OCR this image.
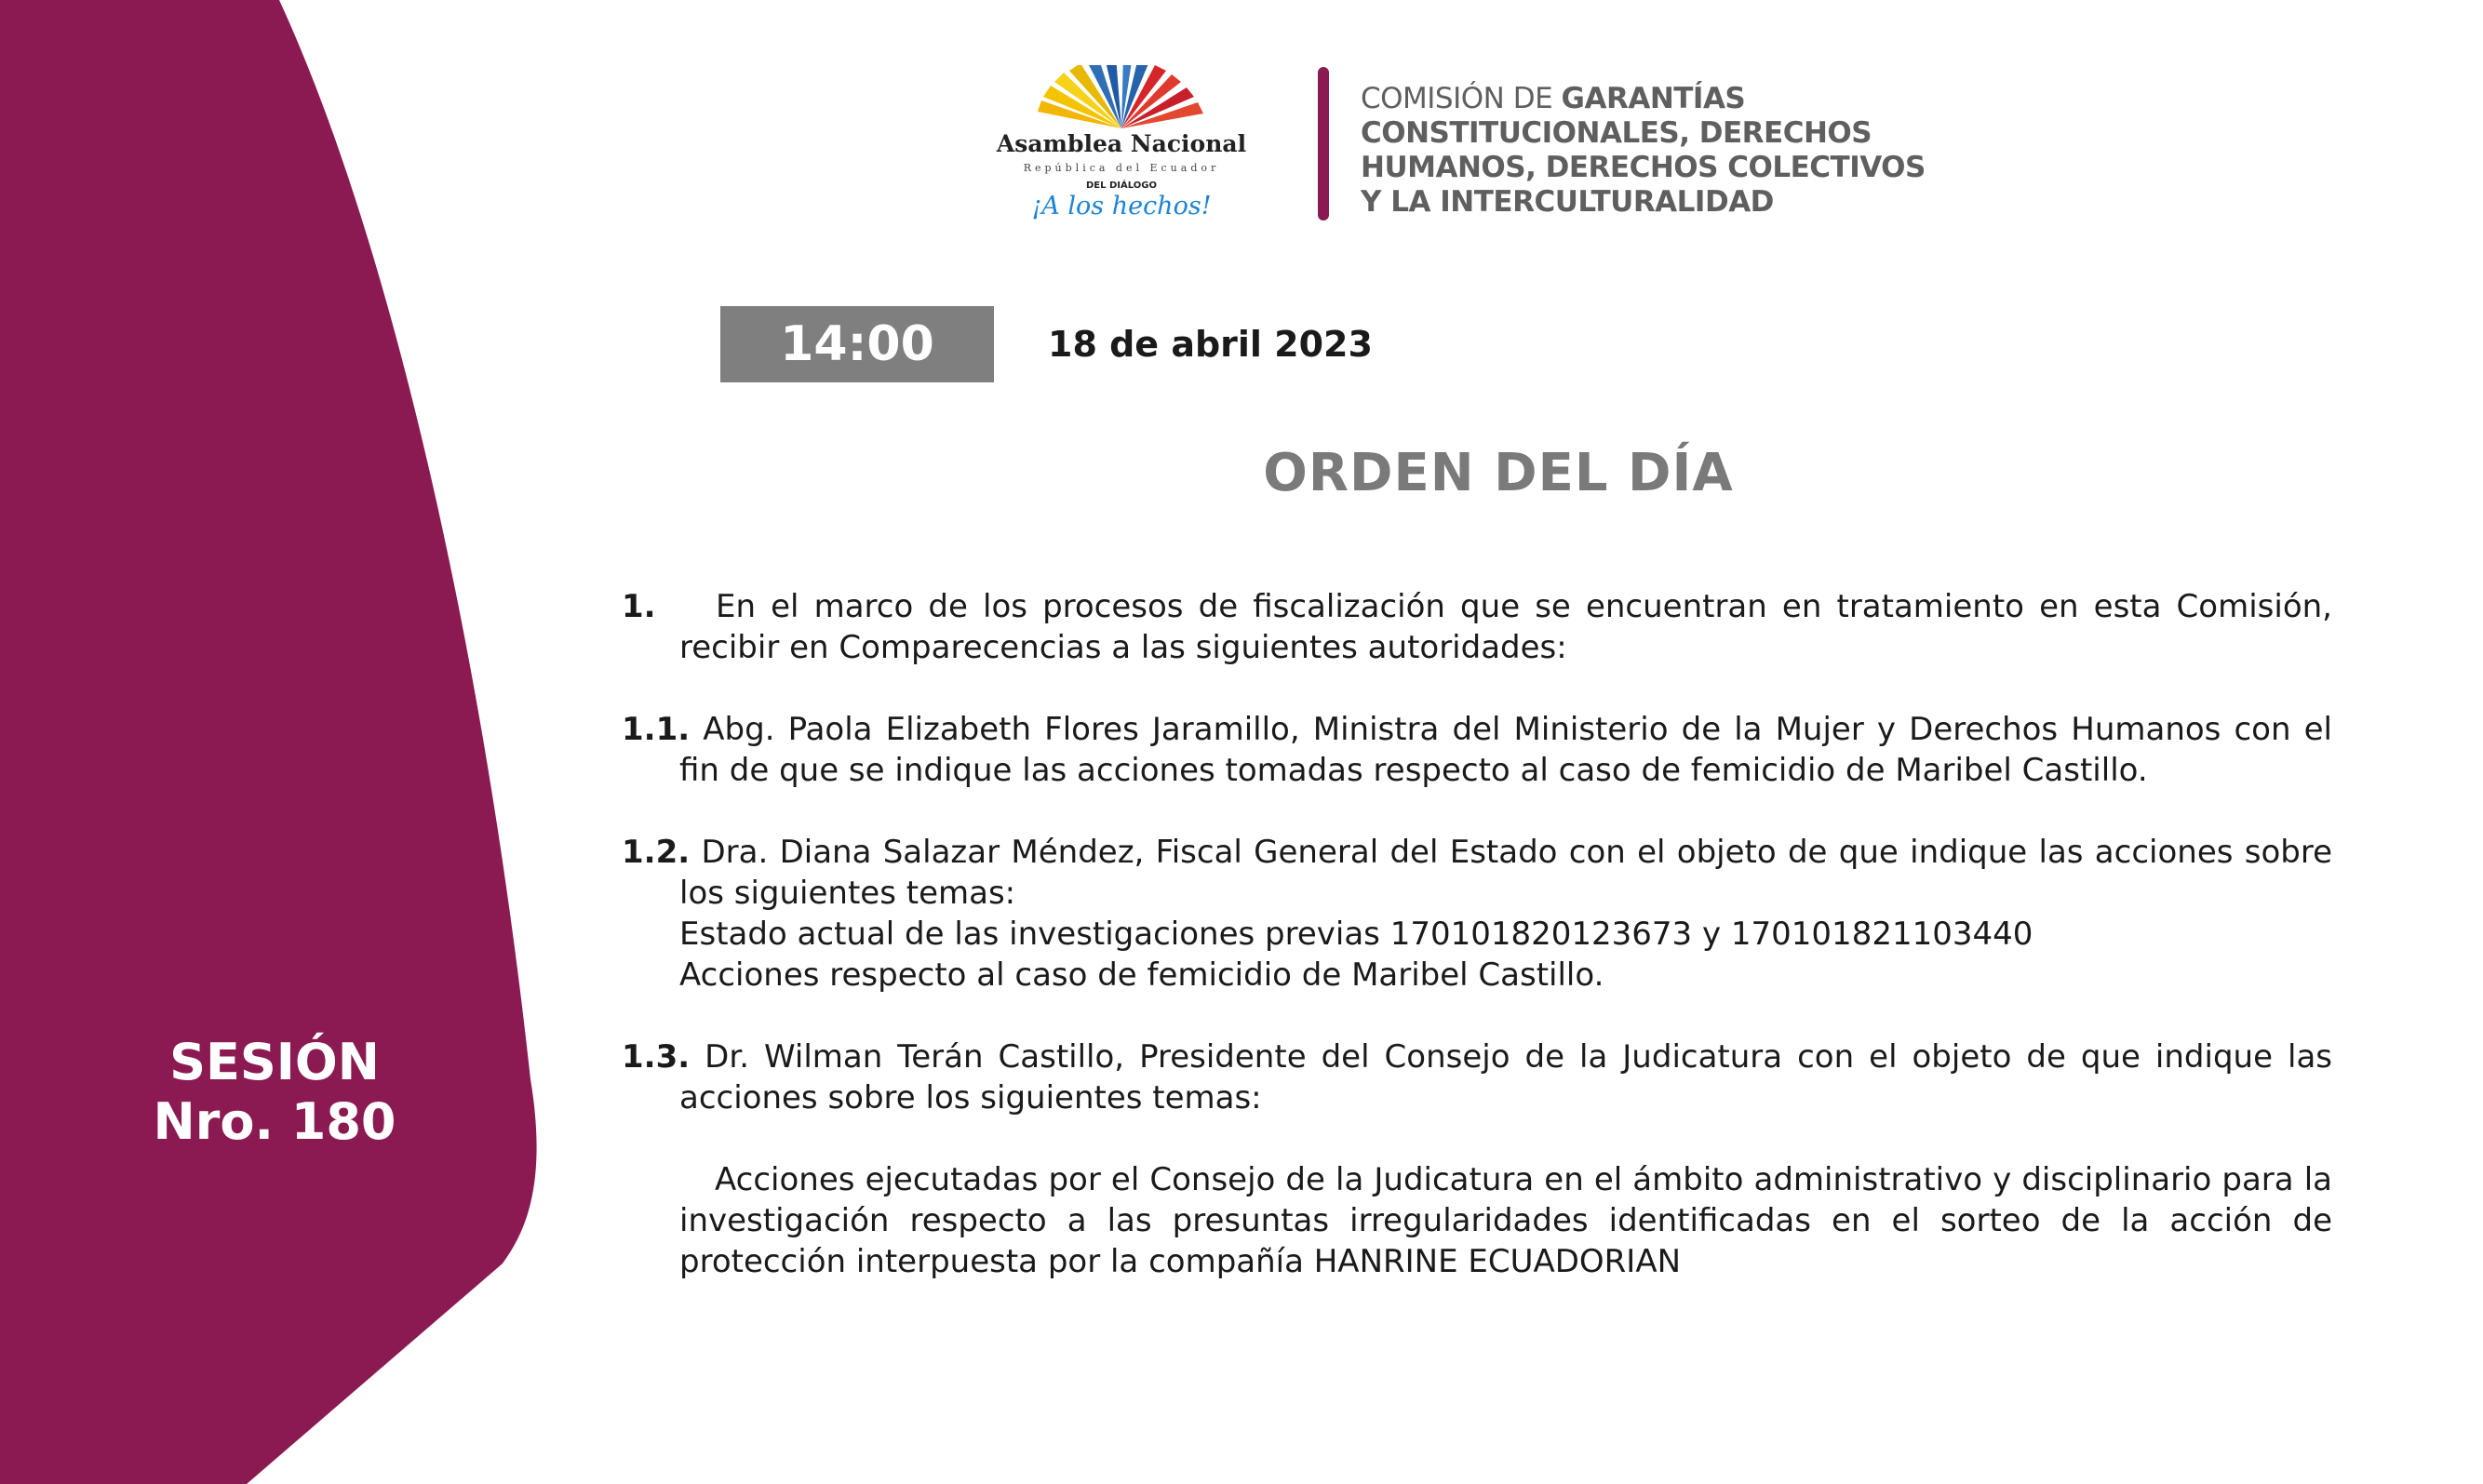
SESIÓN
Nro. 180
Asamblea Nacional
República del Ecuador
DEL DIÁLOGO
¡A los hechos!
COMISIÓN DE GARANTÍAS
CONSTITUCIONALES, DERECHOS
HUMANOS, DERECHOS COLECTIVOS
Y LA INTERCULTURALIDAD
14:00	18 de abril 2023
ORDEN DEL DÍA

1. En el marco de los procesos de fiscalización que se encuentran en tratamiento en esta Comisión, recibir en Comparecencias a las siguientes autoridades:

1.1. Abg. Paola Elizabeth Flores Jaramillo, Ministra del Ministerio de la Mujer y Derechos Humanos con el fin de que se indique las acciones tomadas respecto al caso de femicidio de Maribel Castillo.

1.2. Dra. Diana Salazar Méndez, Fiscal General del Estado con el objeto de que indique las acciones sobre los siguientes temas:

Estado actual de las investigaciones previas 170101820123673 y 170101821103440
Acciones respecto al caso de femicidio de Maribel Castillo.

1.3. Dr. Wilman Terán Castillo, Presidente del Consejo de la Judicatura con el objeto de que indique las acciones sobre los siguientes temas:

Acciones ejecutadas por el Consejo de la Judicatura en el ámbito administrativo y disciplinario para la investigación respecto a las presuntas irregularidades identificadas en el sorteo de la acción de protección interpuesta por la compañía HANRINE ECUADORIAN
